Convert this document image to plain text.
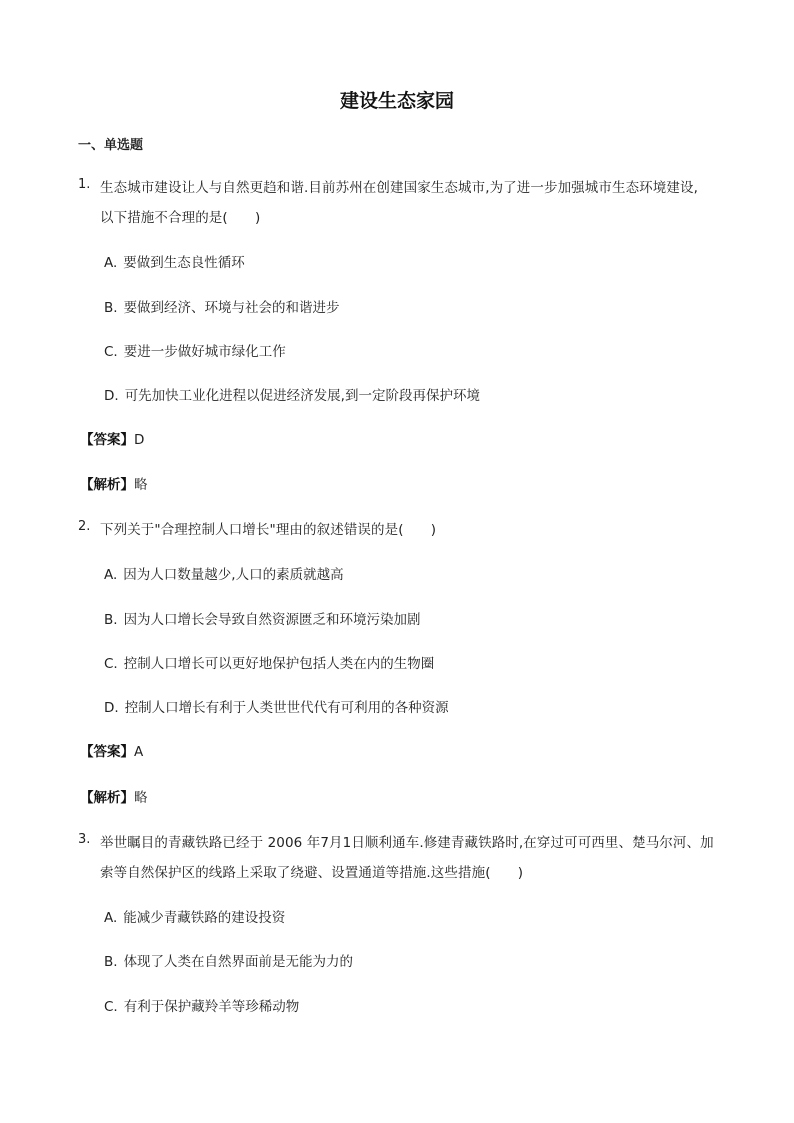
建设生态家园
一、单选题
1. 生态城市建设让人与自然更趋和谐.目前苏州在创建国家生态城市,为了进一步加强城市生态环境建设,
以下措施不合理的是(　　)
A. 要做到生态良性循环
B. 要做到经济、环境与社会的和谐进步
C. 要进一步做好城市绿化工作
D. 可先加快工业化进程以促进经济发展,到一定阶段再保护环境
【答案】D
【解析】略
2. 下列关于"合理控制人口增长"理由的叙述错误的是(　　)
A. 因为人口数量越少,人口的素质就越高
B. 因为人口增长会导致自然资源匮乏和环境污染加剧
C. 控制人口增长可以更好地保护包括人类在内的生物圈
D. 控制人口增长有利于人类世世代代有可利用的各种资源
【答案】A
【解析】略
3. 举世瞩目的青藏铁路已经于 2006 年7月1日顺利通车.修建青藏铁路时,在穿过可可西里、楚马尔河、加
索等自然保护区的线路上采取了绕避、设置通道等措施.这些措施(　　)
A. 能减少青藏铁路的建设投资
B. 体现了人类在自然界面前是无能为力的
C. 有利于保护藏羚羊等珍稀动物
